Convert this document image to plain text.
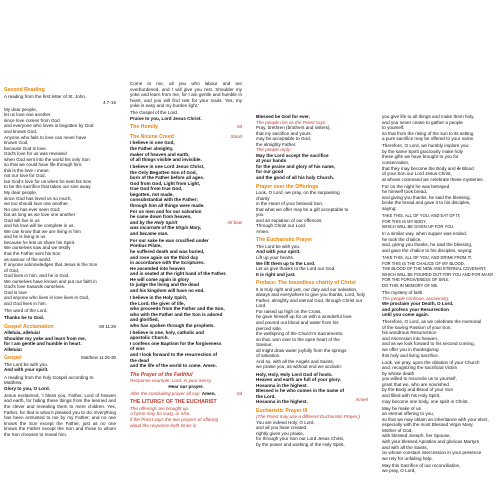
Second Reading

A reading from the first letter of St. John,

4.7-16

My dear people,
let us love one another
since love comes from God
and everyone who loves is begotten by God
and knows God.
Anyone who fails to love can never have
known God,
because God is love.
God's love for us was revealed
when God sent into the world his only Son
so that we could have life through him;
this is the love I mean:
not our love for God,
but God's love for us when he sent his Son
to be the sacrifice that takes our sins away.
My dear people,
since God has loved us so much,
we too should love one another.
No one has ever seen God;
but as long as we love one another
God will live in us
and his love will be complete in us.
We can know that we are living in him
and he is living in us
because he lets us share his Spirit.
We ourselves saw and we testify
that the Father sent his Son
as saviour of the world.
If anyone acknowledges that Jesus is the Son
of God,
God lives in him, and he in God.
We ourselves have known and put our faith in
God's love towards ourselves.
God is love
and anyone who lives in love lives in God,
and God lives in him.

The word of the Lord.

Thanks be to God.

Gospel Acclamation	Mt 11:29

Alleluia, alleluia!
Shoulder my yoke and learn from me,
for I am gentle and humble in heart.
Alleluia!

Gospel	Matthew 11:25-30

The Lord be with you.

And with your spirit.

A reading from the holy Gospel according to
Matthew.

Glory to you, O Lord.

Jesus exclaimed, 'I bless you, Father, Lord of heaven and earth, for hiding these things from the learned and the clever and revealing them to mere children. Yes, Father, for that is what it pleased you to do. Everything has been entrusted to me by my Father; and no one knows the Son except the Father, just as no one knows the Father except the Son and those to whom the Son chooses to reveal him.

Come to me, all you who labour and are overburdened, and I will give you rest. Shoulder my yoke and learn from me, for I am gentle and humble in heart, and you will find rest for your souls. Yes, my yoke is easy and my burden light.'

The Gospel of the Lord.

Praise to you, Lord Jesus Christ.

The Homily	Sit
The Nicene Creed	Stand

I believe in one God,
the Father almighty,
maker of heaven and earth,
of all things visible and invisible.

I believe in one Lord Jesus Christ,
the Only Begotten Son of God,
born of the Father before all ages.
God from God, Light from Light,
true God from true God,
begotten, not made,
consubstantial with the Father;
through him all things were made.
For us men and for our salvation
he came down from heaven,

and by the Holy Spirit
was incarnate of the Virgin Mary,
and became man.

All bow

For our sake he was crucified under
Pontius Pilate,
he suffered death and was buried,
and rose again on the third day
in accordance with the Scriptures.
He ascended into heaven
and is seated at the right hand of the Father.
He will come again in glory
to judge the living and the dead
and his kingdom will have no end.

I believe in the Holy Spirit,
the Lord, the giver of life,
who proceeds from the Father and the Son,
who with the Father and the Son is adored
and glorified,
who has spoken through the prophets.

I believe in one, holy, catholic and
apostolic Church.
I confess one Baptism for the forgiveness
of sins
and I look forward to the resurrection of
the dead
and the life of the world to come. Amen.

The Prayer of the Faithful

Response example: Lord, in your mercy.

Hear our prayer.

After the concluding prayer all say: Amen.	Sit

THE LITURGY OF THE EUCHARIST

The offerings are brought up.
A hymn may be sung, or else,
if the Priest says the two prayers of offering
aloud the response both times is:

Blessed be God for ever.

The people rise as the Priest says:

Pray, brethren (brothers and sisters),
that my sacrifice and yours
may be acceptable to God,
the almighty Father.

The people reply:

May the Lord accept the sacrifice
at your hands
for the praise and glory of his name,
for our good
and the good of all his holy Church.

Prayer over the Offerings

Look, O Lord, we pray, on the surpassing
charity
in the Heart of your beloved Son,
that what we offer may be a gift acceptable to
you
and an expiation of our offences.
Through Christ our Lord.
Amen.

The Eucharistic Prayer

The Lord be with you.

And with your spirit.

Lift up your hearts.

We lift them up to the Lord.

Let us give thanks to the Lord our God.

It is right and just.

Preface: The boundless charity of Christ

It is truly right and just, our duty and our salvation, always and everywhere to give you thanks, Lord, holy Father, almighty and eternal God, through Christ our Lord.
For raised up high on the Cross,
he gave himself up for us with a wonderful love
and poured out blood and water from his
pierced side,
the wellspring of the Church's Sacraments,
so that, won over to the open heart of the
Saviour,
all might draw water joyfully from the springs
of salvation.
And so, with all the Angels and Saints,
we praise you, as without end we acclaim:

Holy, Holy, Holy Lord God of hosts.
Heaven and earth are full of your glory.
Hosanna in the highest.
Blessed is he who comes in the name of
the Lord.
Hosanna in the highest.	Kneel
Eucharistic Prayer III

(The Priest may use a different Eucharistic Prayer.)

You are indeed Holy, O Lord,
and all you have created
rightly gives you praise,
for through your Son our Lord Jesus Christ,
by the power and working of the Holy Spirit,

you give life to all things and make them holy,
and you never cease to gather a people
to yourself,
so that from the rising of the sun to its setting
a pure sacrifice may be offered to your name.

Therefore, O Lord, we humbly implore you:
by the same Spirit graciously make holy
these gifts we have brought to you for
consecration,
that they may become the Body and ✠ Blood
of your Son our Lord Jesus Christ,
at whose command we celebrate these mysteries.

For on the night he was betrayed
he himself took bread,
and giving you thanks, he said the blessing,
broke the bread and gave it to his disciples,
saying:

TAKE THIS, ALL OF YOU, AND EAT OF IT,
FOR THIS IS MY BODY,
WHICH WILL BE GIVEN UP FOR YOU.

In a similar way, when supper was ended,
he took the chalice,
and, giving you thanks, he said the blessing,
and gave the chalice to his disciples, saying:

TAKE THIS, ALL OF YOU, AND DRINK FROM IT,
FOR THIS IS THE CHALICE OF MY BLOOD,
THE BLOOD OF THE NEW AND ETERNAL COVENANT,
WHICH WILL BE POURED OUT FOR YOU AND FOR MANY
FOR THE FORGIVENESS OF SINS.
DO THIS IN MEMORY OF ME.

The mystery of faith.

The people continue, acclaiming:

We proclaim your Death, O Lord,
and profess your Resurrection
until you come again.

Therefore, O Lord, as we celebrate the memorial
of the saving Passion of your Son,
his wondrous Resurrection
and Ascension into heaven,
and as we look forward to his second coming,
we offer you in thanksgiving
this holy and living sacrifice.

Look, we pray, upon the oblation of your Church
and, recognizing the sacrificial Victim
by whose death
you willed to reconcile us to yourself,
grant that we, who are nourished
by the Body and Blood of your Son
and filled with his Holy Spirit,
may become one body, one spirit in Christ.

May he make of us
an eternal offering to you,
so that we may obtain an inheritance with your elect,
especially with the most Blessed Virgin Mary,
Mother of God,
with blessed Joseph, her Spouse,
with your blessed Apostles and glorious Martyrs
and with all the Saints,
on whose constant intercession in your presence
we rely for unfailing help.

May this Sacrifice of our reconciliation,
we pray, O Lord,
